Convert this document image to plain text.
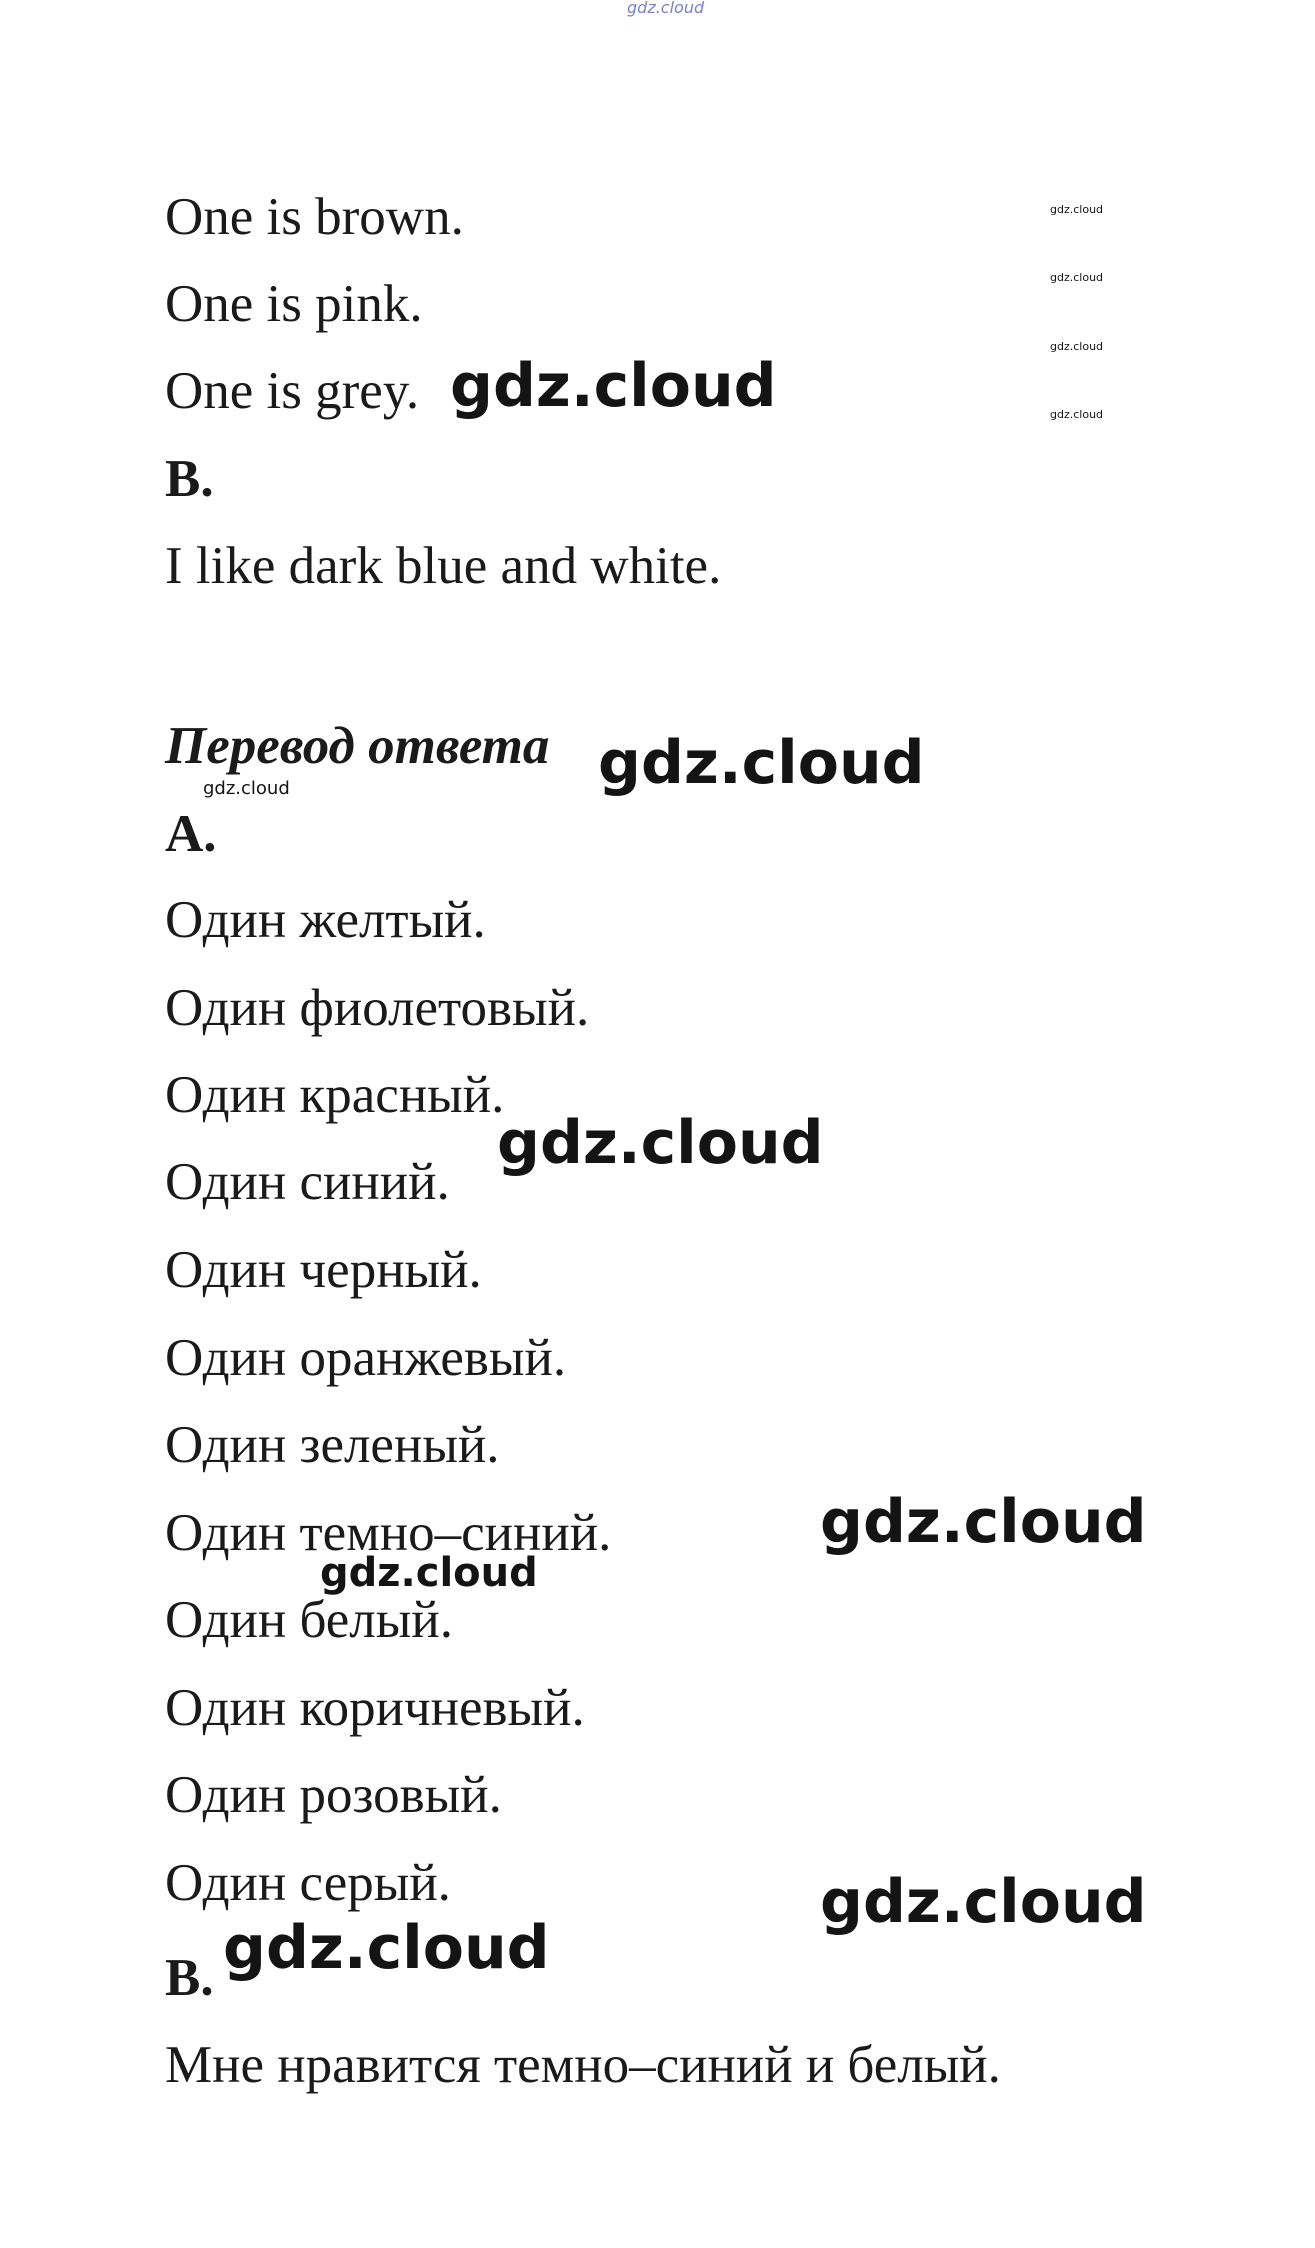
gdz.cloud
gdz.cloud
gdz.cloud
gdz.cloud
gdz.cloud
One is brown.
One is pink.
One is grey. gdz.cloud
B.
I like dark blue and white.
Перевод ответа gdz.cloud
gdz.cloud
А.
Один желтый.
Один фиолетовый.
Один красный.
Один синий.
gdz.cloud
Один черный.
Один оранжевый.
Один зеленый.
Один темно–синий.	gdz.cloud
gdz.cloud
Один белый.
Один коричневый.
Один розовый.
Один серый.	gdz.cloud
В. gdz.cloud
Мне нравится темно–синий и белый.
